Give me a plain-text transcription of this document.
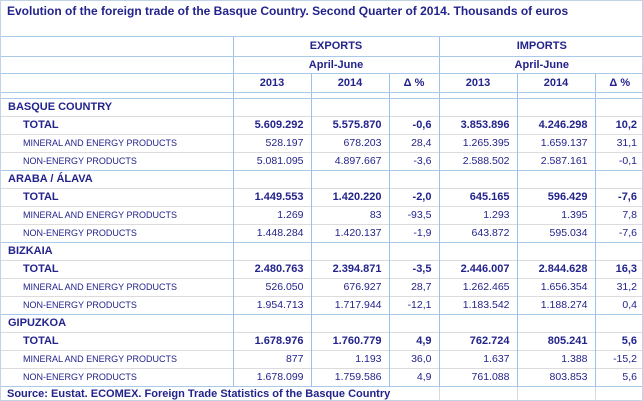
Evolution of the foreign trade of the Basque Country. Second Quarter of 2014. Thousands of euros
	EXPORTS			IMPORTS		
	April-June			April-June		
	2013	2014	Δ %	2013	2014	Δ %

BASQUE COUNTRY						
TOTAL	5.609.292	5.575.870	-0,6	3.853.896	4.246.298	10,2
MINERAL AND ENERGY PRODUCTS	528.197	678.203	28,4	1.265.395	1.659.137	31,1
NON-ENERGY PRODUCTS	5.081.095	4.897.667	-3,6	2.588.502	2.587.161	-0,1
ARABA / ÁLAVA						
TOTAL	1.449.553	1.420.220	-2,0	645.165	596.429	-7,6
MINERAL AND ENERGY PRODUCTS	1.269	83	-93,5	1.293	1.395	7,8
NON-ENERGY PRODUCTS	1.448.284	1.420.137	-1,9	643.872	595.034	-7,6
BIZKAIA						
TOTAL	2.480.763	2.394.871	-3,5	2.446.007	2.844.628	16,3
MINERAL AND ENERGY PRODUCTS	526.050	676.927	28,7	1.262.465	1.656.354	31,2
NON-ENERGY PRODUCTS	1.954.713	1.717.944	-12,1	1.183.542	1.188.274	0,4
GIPUZKOA						
TOTAL	1.678.976	1.760.779	4,9	762.724	805.241	5,6
MINERAL AND ENERGY PRODUCTS	877	1.193	36,0	1.637	1.388	-15,2
NON-ENERGY PRODUCTS	1.678.099	1.759.586	4,9	761.088	803.853	5,6
Source: Eustat. ECOMEX. Foreign Trade Statistics of the Basque Country						
